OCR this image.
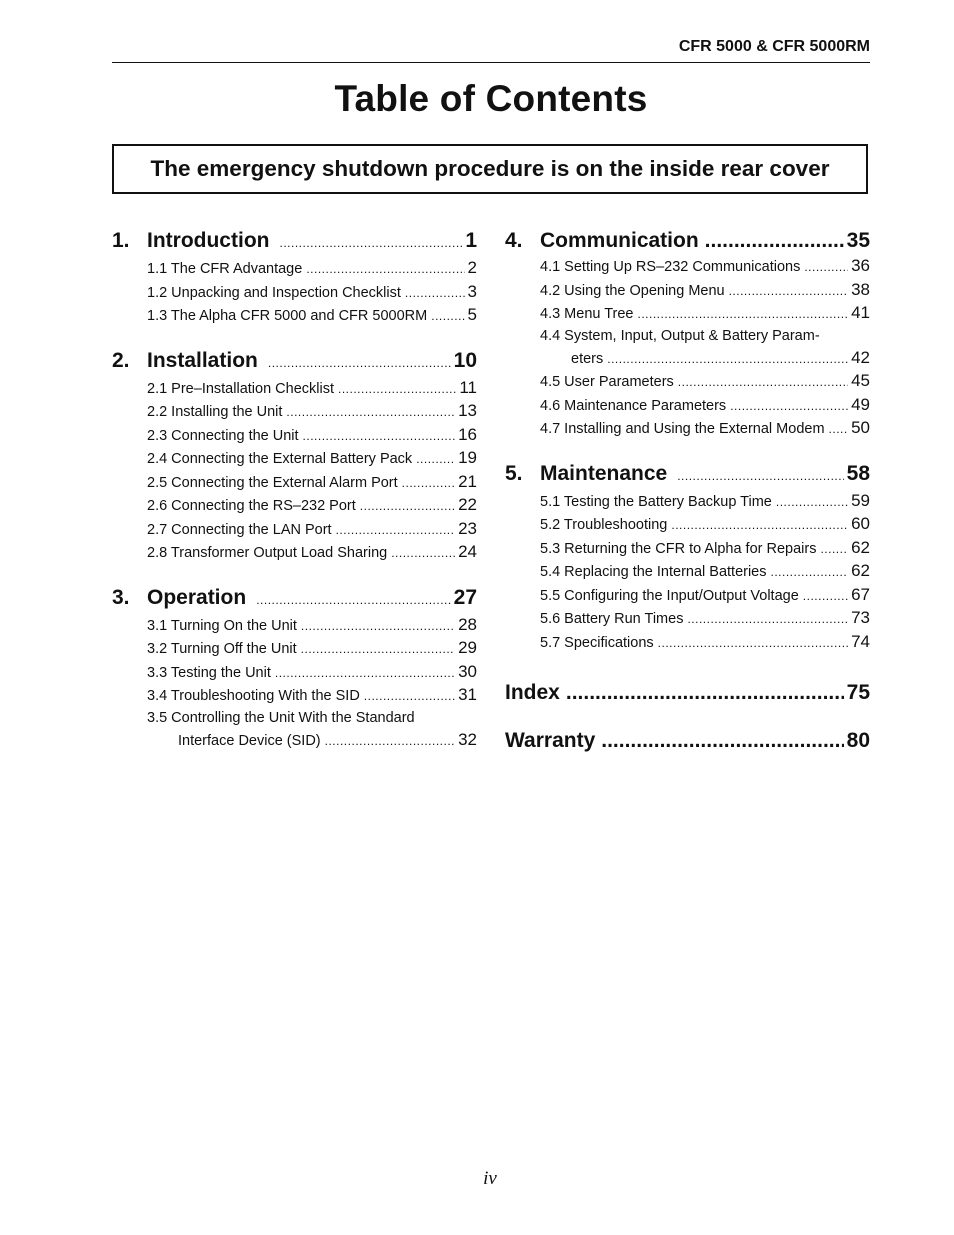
CFR 5000 & CFR 5000RM
Table of Contents
The emergency shutdown procedure is on the inside rear cover
1. Introduction .....	1
1.1 The CFR Advantage .....	2
1.2 Unpacking and Inspection Checklist .....	3
1.3 The Alpha CFR 5000 and CFR 5000RM ..... 5
2. Installation .....	10
2.1 Pre–Installation Checklist .....	11
2.2 Installing the Unit .....	13
2.3 Connecting the Unit .....	16
2.4 Connecting the External Battery Pack .....	19
2.5 Connecting the External Alarm Port .....	21
2.6 Connecting the RS–232 Port .....	22
2.7 Connecting the LAN Port .....	23
2.8 Transformer Output Load Sharing .....	24
3. Operation .....	27
3.1 Turning On the Unit .....	28
3.2 Turning Off the Unit .....	29
3.3 Testing the Unit .....	30
3.4 Troubleshooting With the SID .....	31
3.5 Controlling the Unit With the Standard
Interface Device (SID) .....	32
4. Communication .....	35
4.1 Setting Up RS–232 Communications .....	36
4.2 Using the Opening Menu .....	38
4.3 Menu Tree .....	41
4.4 System, Input, Output & Battery Param-
eters .....	42
4.5 User Parameters .....	45
4.6 Maintenance Parameters .....	49
4.7 Installing and Using the External Modem ..... 50
5. Maintenance .....	58
5.1 Testing the Battery Backup Time .....	59
5.2 Troubleshooting .....	60
5.3 Returning the CFR to Alpha for Repairs ..... 62
5.4 Replacing the Internal Batteries .....	62
5.5 Configuring the Input/Output Voltage .....	67
5.6 Battery Run Times .....	73
5.7 Specifications .....	74
Index .....	75
Warranty .....	80
iv
